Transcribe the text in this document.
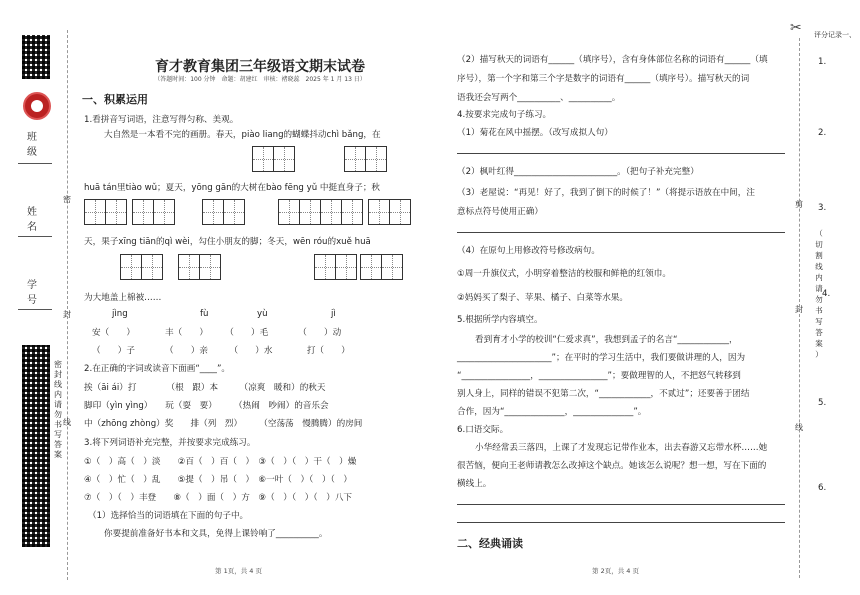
班 级
姓 名
学 号
密
封
线
内
请
勿
书
写
答
案
密
封
线
育才教育集团三年级语文期末试卷
（答题时间：100 分钟　命题：胡建红　审核：褚晓蕊　2025 年 1 月 13 日）
一、积累运用
1.看拼音写词语，注意写得匀称、美观。
大自然是一本看不完的画册。春天，piào liang的蝴蝶抖动chì bǎng，在
huā tán里tiào wǔ；夏天，yōng gān的大树在bào fēng yǔ 中挺直身子；秋
天，果子xīng tiān的qì wèi，勾住小朋友的脚；冬天，wēn róu的xuě huā
为大地盖上棉被……
jìng	fù	yù	jì
安（　　）　　　　丰（　　）　　　（　　）毛　　　　（　　）动
（　　）子　　　　（　　）亲　　　（　　）水　　　　打（　　）
2.在正确的字词或读音下面画“____”。
挨（āi ái）打　　　　（根　跟）本　　　（凉爽　暖和）的秋天
脚印（yìn yìng）　　玩（耍　要）　　　（热闹　吵闹）的音乐会
中（zhōng zhòng）奖　　排（列　烈）　　　（空荡荡　慢腾腾）的房间
3.将下列词语补充完整，并按要求完成练习。
①（　）高（　）淡　　②百（　）百（　）　③（　）（　）干（　）燥
④（　）忙（　）乱　　⑤提（　）吊（　）　⑥一叶（　）（　）（　）
⑦（　）（　）丰登　　⑧（　）面（　）方　⑨（　）（　）（　）八下
（1）选择恰当的词语填在下面的句子中。
你要提前准备好书本和文具，免得上课铃响了__________。
第 1页，共 4 页
（2）描写秋天的词语有______（填序号），含有身体部位名称的词语有______（填
序号），第一个字和第三个字是数字的词语有______（填序号）。描写秋天的词
语我还会写两个__________、__________。
4.按要求完成句子练习。
（1）菊花在风中摇摆。（改写成拟人句）
（2）枫叶红得________________________。（把句子补充完整）
（3）老屋说：“再见！好了，我到了倒下的时候了！”（将提示语放在中间，注
意标点符号使用正确）
（4）在原句上用修改符号修改病句。
①周一升旗仪式，小明穿着整洁的校服和鲜艳的红领巾。
②妈妈买了梨子、苹果、橘子、白菜等水果。
5.根据所学内容填空。
看到育才小学的校训“仁爱求真”，我想到孟子的名言“____________，
______________________”；在平时的学习生活中，我们要做讲理的人，因为
“________________，________________”；要做理智的人，不把怒气转移到
别人身上，同样的错误不犯第二次，“____________，不贰过”；还要善于团结
合作，因为“______________，______________”。
6.口语交际。
小华经常丢三落四，上课了才发现忘记带作业本，出去春游又忘带水杯……她
很苦恼，便向王老师请教怎么改掉这个缺点。她该怎么说呢？想一想，写在下面的
横线上。
二、经典诵读
第 2页，共 4 页
✂
剪
封
线
评分记录一、
1.
2.
3.
4.
5.
6.
（
切
割
线
内
请
勿
书
写
答
案
）
